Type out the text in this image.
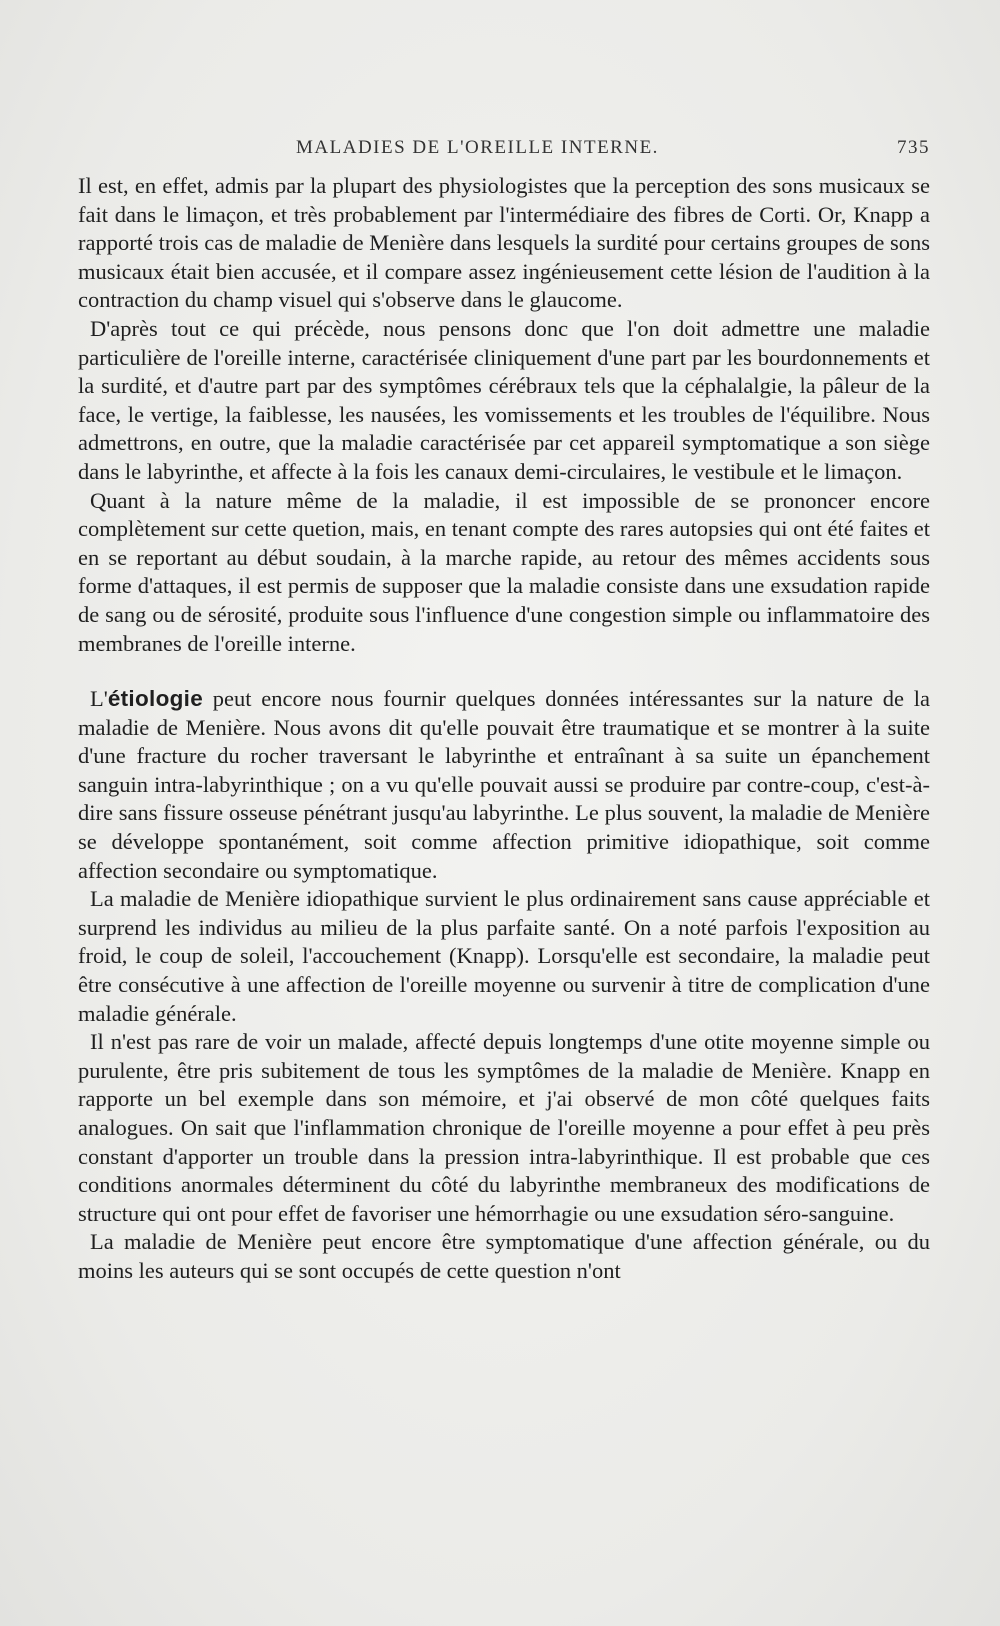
MALADIES DE L'OREILLE INTERNE.	735

Il est, en effet, admis par la plupart des physiologistes que la perception des sons musicaux se fait dans le limaçon, et très probablement par l'intermédiaire des fibres de Corti. Or, Knapp a rapporté trois cas de maladie de Menière dans lesquels la surdité pour certains groupes de sons musicaux était bien accusée, et il compare assez ingénieusement cette lésion de l'audition à la contraction du champ visuel qui s'observe dans le glaucome.

D'après tout ce qui précède, nous pensons donc que l'on doit admettre une maladie particulière de l'oreille interne, caractérisée cliniquement d'une part par les bourdonnements et la surdité, et d'autre part par des symptômes cérébraux tels que la céphalalgie, la pâleur de la face, le vertige, la faiblesse, les nausées, les vomissements et les troubles de l'équilibre. Nous admettrons, en outre, que la maladie caractérisée par cet appareil symptomatique a son siège dans le labyrinthe, et affecte à la fois les canaux demi-circulaires, le vestibule et le limaçon.

Quant à la nature même de la maladie, il est impossible de se prononcer encore complètement sur cette quetion, mais, en tenant compte des rares autopsies qui ont été faites et en se reportant au début soudain, à la marche rapide, au retour des mêmes accidents sous forme d'attaques, il est permis de supposer que la maladie consiste dans une exsudation rapide de sang ou de sérosité, produite sous l'influence d'une congestion simple ou inflammatoire des membranes de l'oreille interne.

L'étiologie peut encore nous fournir quelques données intéressantes sur la nature de la maladie de Menière. Nous avons dit qu'elle pouvait être traumatique et se montrer à la suite d'une fracture du rocher traversant le labyrinthe et entraînant à sa suite un épanchement sanguin intra-labyrinthique ; on a vu qu'elle pouvait aussi se produire par contre-coup, c'est-à-dire sans fissure osseuse pénétrant jusqu'au labyrinthe. Le plus souvent, la maladie de Menière se développe spontanément, soit comme affection primitive idiopathique, soit comme affection secondaire ou symptomatique.

La maladie de Menière idiopathique survient le plus ordinairement sans cause appréciable et surprend les individus au milieu de la plus parfaite santé. On a noté parfois l'exposition au froid, le coup de soleil, l'accouchement (Knapp). Lorsqu'elle est secondaire, la maladie peut être consécutive à une affection de l'oreille moyenne ou survenir à titre de complication d'une maladie générale.

Il n'est pas rare de voir un malade, affecté depuis longtemps d'une otite moyenne simple ou purulente, être pris subitement de tous les symptômes de la maladie de Menière. Knapp en rapporte un bel exemple dans son mémoire, et j'ai observé de mon côté quelques faits analogues. On sait que l'inflammation chronique de l'oreille moyenne a pour effet à peu près constant d'apporter un trouble dans la pression intra-labyrinthique. Il est probable que ces conditions anormales déterminent du côté du labyrinthe membraneux des modifications de structure qui ont pour effet de favoriser une hémorrhagie ou une exsudation séro-sanguine.

La maladie de Menière peut encore être symptomatique d'une affection générale, ou du moins les auteurs qui se sont occupés de cette question n'ont
